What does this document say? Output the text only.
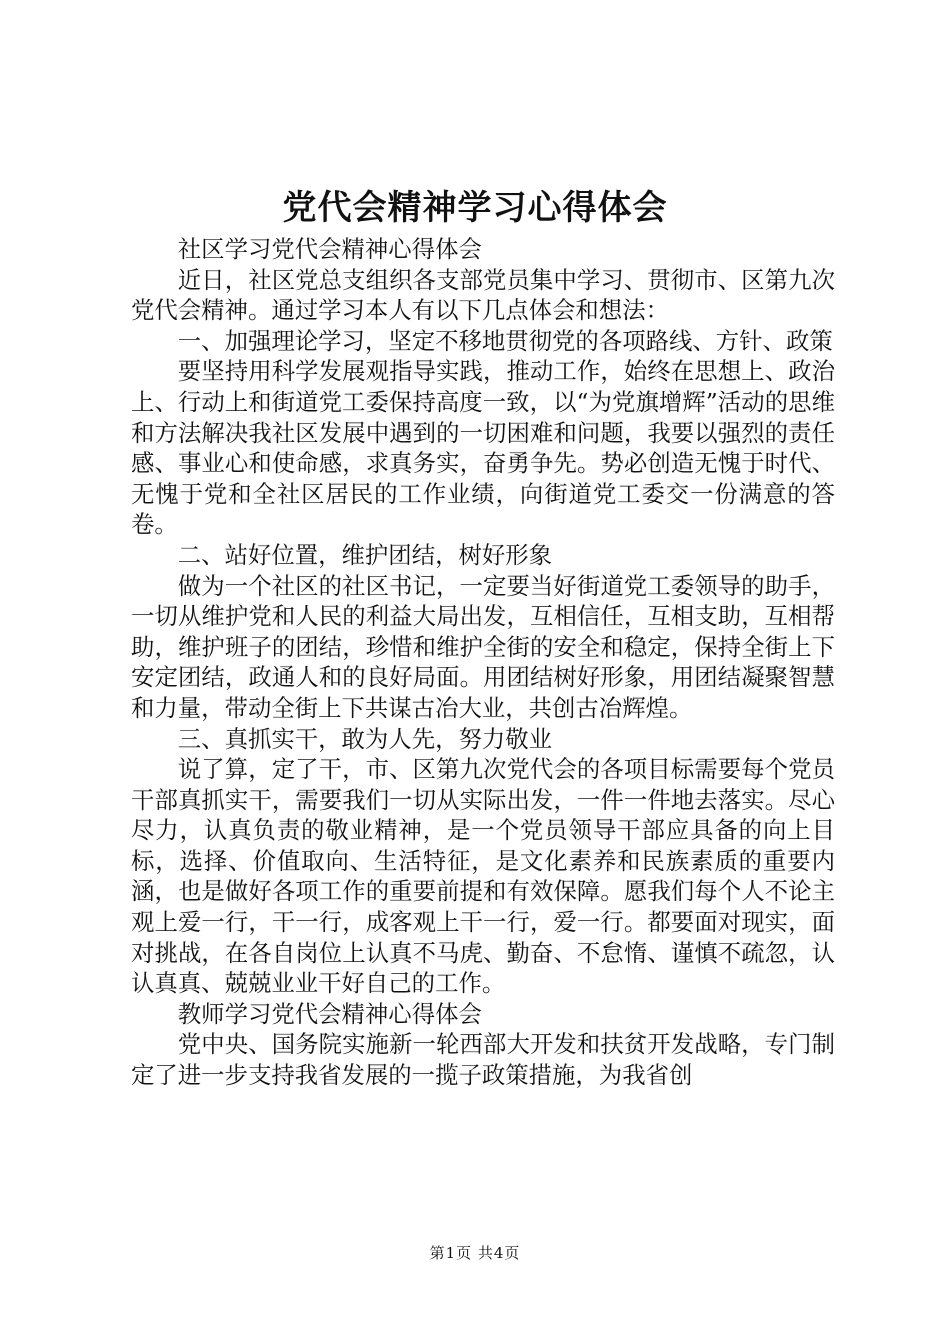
党代会精神学习心得体会

社区学习党代会精神心得体会

近日，社区党总支组织各支部党员集中学习、贯彻市、区第九次党代会精神。通过学习本人有以下几点体会和想法：

一、加强理论学习，坚定不移地贯彻党的各项路线、方针、政策

要坚持用科学发展观指导实践，推动工作，始终在思想上、政治上、行动上和街道党工委保持高度一致，以“为党旗增辉”活动的思维和方法解决我社区发展中遇到的一切困难和问题，我要以强烈的责任感、事业心和使命感，求真务实，奋勇争先。势必创造无愧于时代、无愧于党和全社区居民的工作业绩，向街道党工委交一份满意的答卷。

二、站好位置，维护团结，树好形象

做为一个社区的社区书记，一定要当好街道党工委领导的助手，一切从维护党和人民的利益大局出发，互相信任，互相支助，互相帮助，维护班子的团结，珍惜和维护全街的安全和稳定，保持全街上下安定团结，政通人和的良好局面。用团结树好形象，用团结凝聚智慧和力量，带动全街上下共谋古冶大业，共创古冶辉煌。

三、真抓实干，敢为人先，努力敬业

说了算，定了干，市、区第九次党代会的各项目标需要每个党员干部真抓实干，需要我们一切从实际出发，一件一件地去落实。尽心尽力，认真负责的敬业精神，是一个党员领导干部应具备的向上目标，选择、价值取向、生活特征，是文化素养和民族素质的重要内涵，也是做好各项工作的重要前提和有效保障。愿我们每个人不论主观上爱一行，干一行，成客观上干一行，爱一行。都要面对现实，面对挑战，在各自岗位上认真不马虎、勤奋、不怠惰、谨慎不疏忽，认认真真、兢兢业业干好自己的工作。

教师学习党代会精神心得体会

党中央、国务院实施新一轮西部大开发和扶贫开发战略，专门制定了进一步支持我省发展的一揽子政策措施，为我省创

第1页 共4页
